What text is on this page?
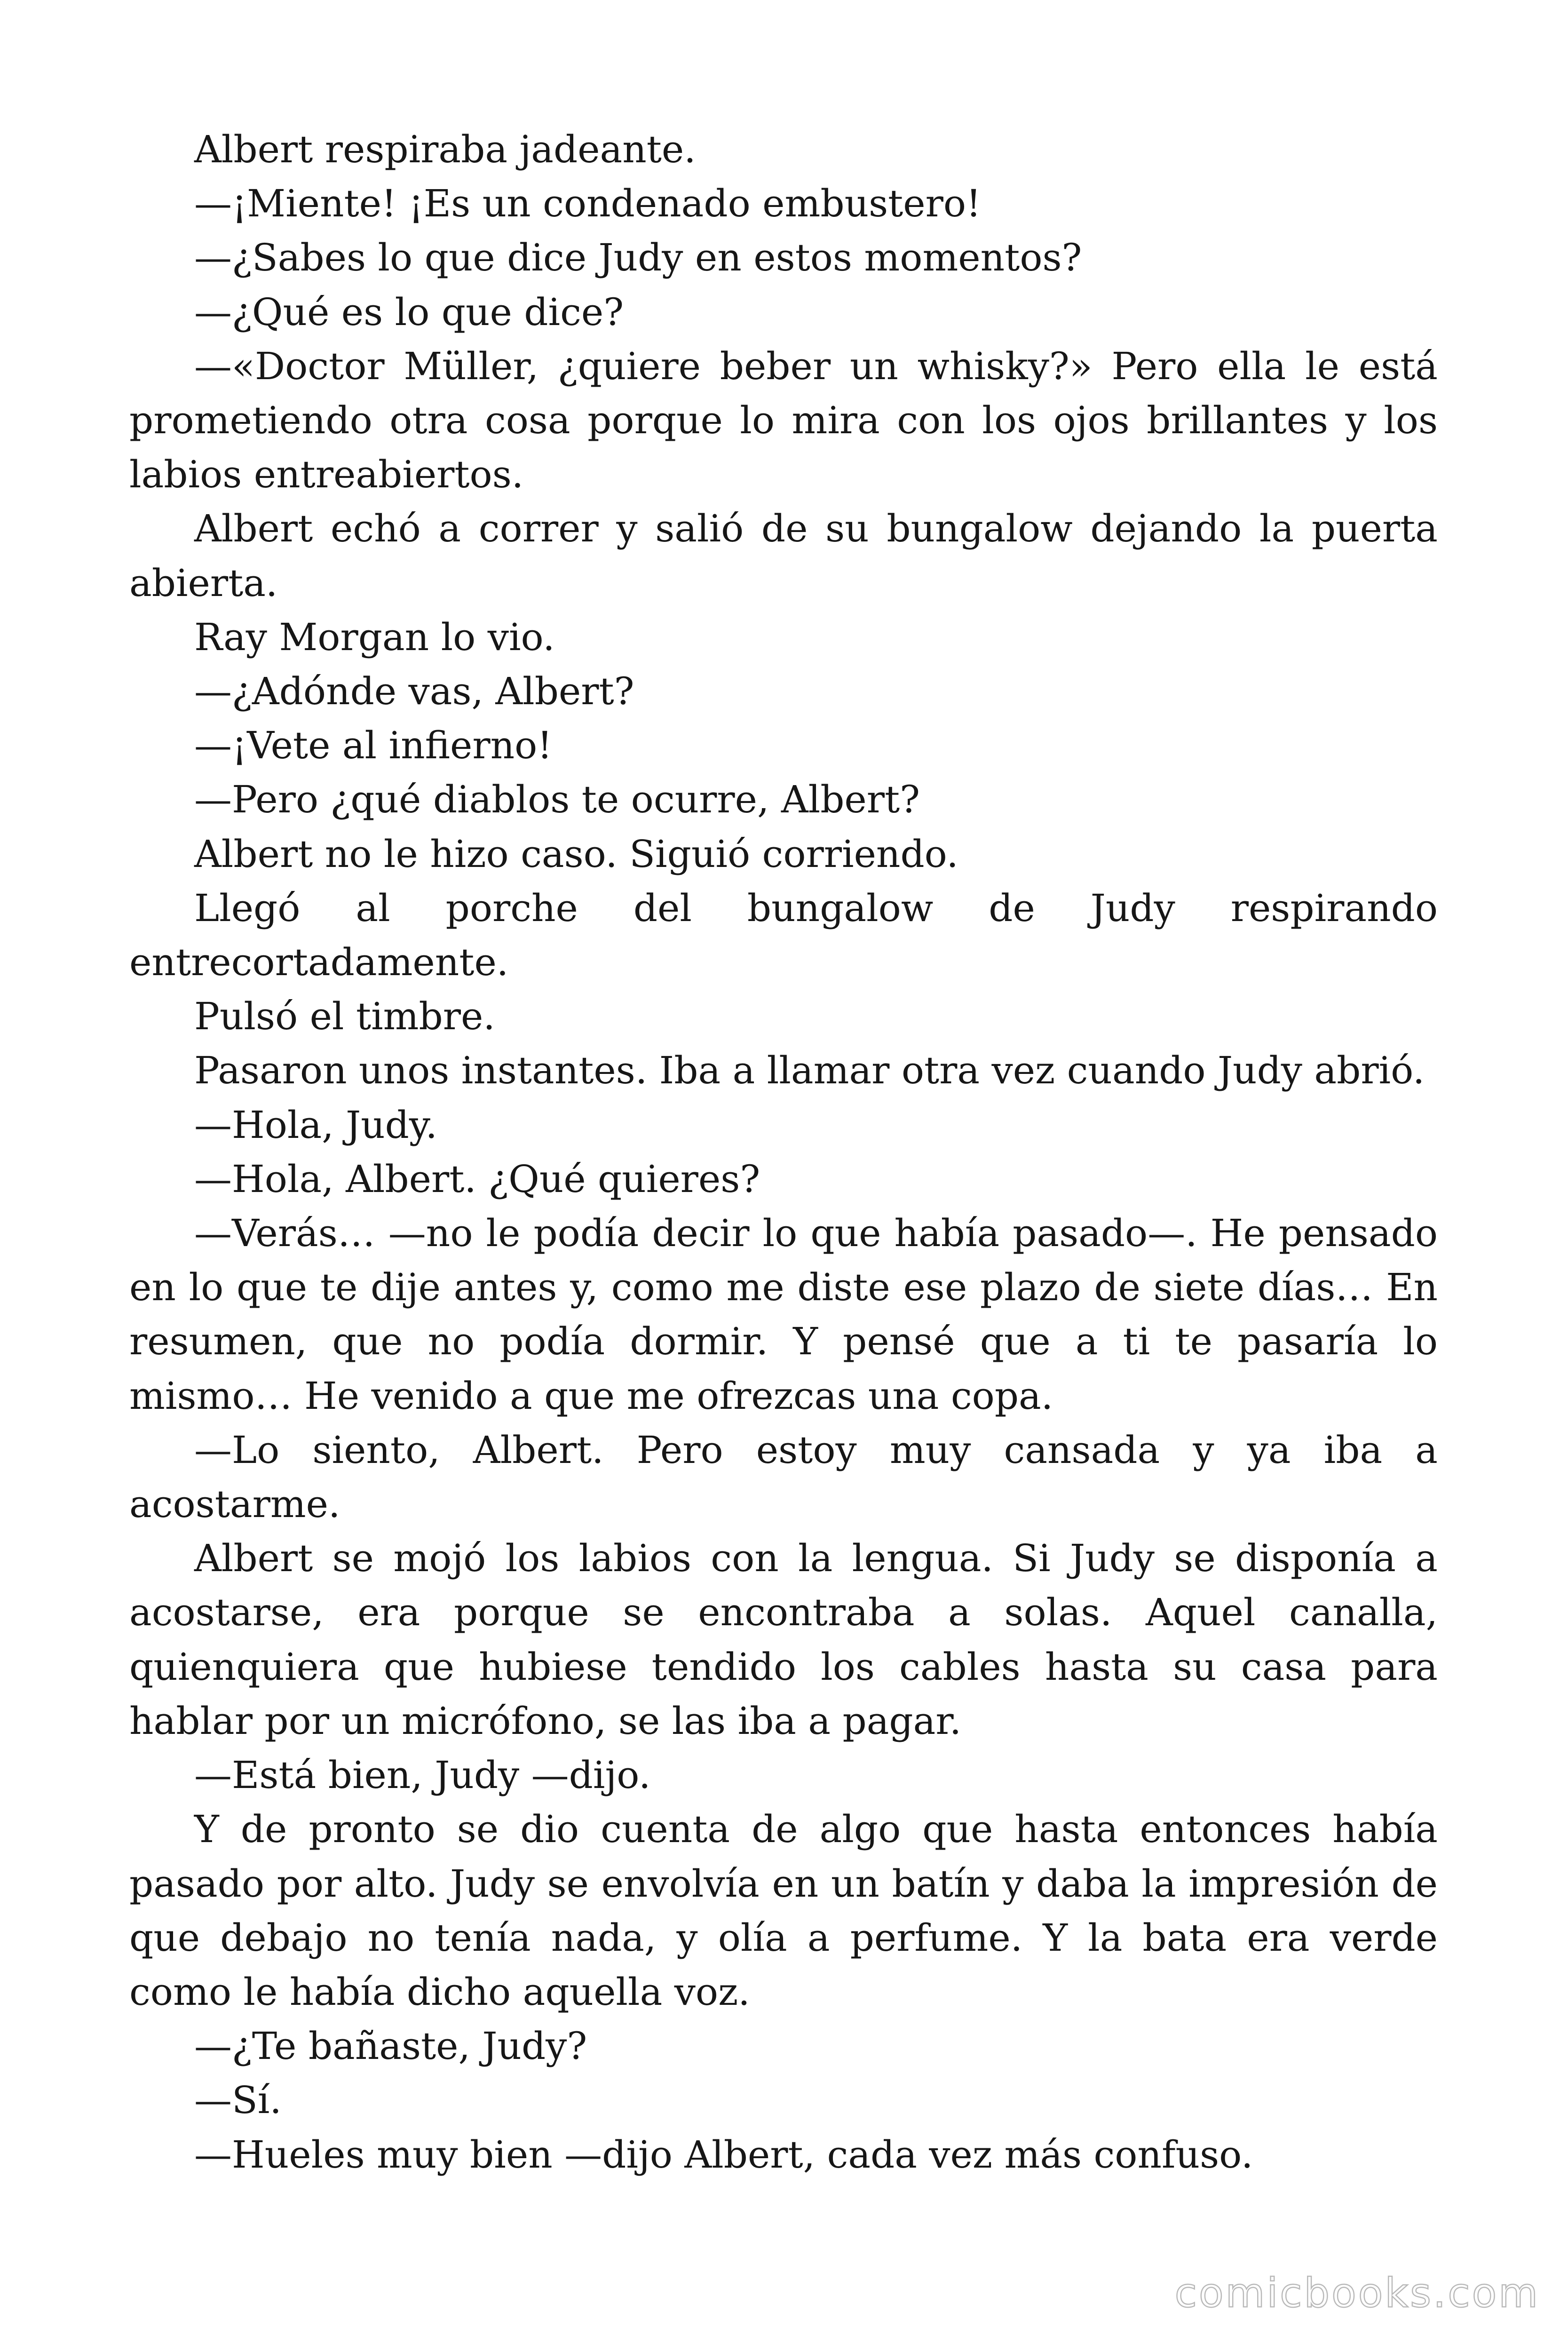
Albert respiraba jadeante.

—¡Miente! ¡Es un condenado embustero!

—¿Sabes lo que dice Judy en estos momentos?

—¿Qué es lo que dice?

—«Doctor Müller, ¿quiere beber un whisky?» Pero ella le está prometiendo otra cosa porque lo mira con los ojos brillantes y los labios entreabiertos.

Albert echó a correr y salió de su bungalow dejando la puerta abierta.

Ray Morgan lo vio.

—¿Adónde vas, Albert?

—¡Vete al infierno!

—Pero ¿qué diablos te ocurre, Albert?

Albert no le hizo caso. Siguió corriendo.

Llegó al porche del bungalow de Judy respirando entrecortadamente.

Pulsó el timbre.

Pasaron unos instantes. Iba a llamar otra vez cuando Judy abrió.

—Hola, Judy.

—Hola, Albert. ¿Qué quieres?

—Verás… —no le podía decir lo que había pasado—. He pensado en lo que te dije antes y, como me diste ese plazo de siete días… En resumen, que no podía dormir. Y pensé que a ti te pasaría lo mismo… He venido a que me ofrezcas una copa.

—Lo siento, Albert. Pero estoy muy cansada y ya iba a acostarme.

Albert se mojó los labios con la lengua. Si Judy se disponía a acostarse, era porque se encontraba a solas. Aquel canalla, quienquiera que hubiese tendido los cables hasta su casa para hablar por un micrófono, se las iba a pagar.

—Está bien, Judy —dijo.

Y de pronto se dio cuenta de algo que hasta entonces había pasado por alto. Judy se envolvía en un batín y daba la impresión de que debajo no tenía nada, y olía a perfume. Y la bata era verde como le había dicho aquella voz.

—¿Te bañaste, Judy?

—Sí.

—Hueles muy bien —dijo Albert, cada vez más confuso.

comicbooks.com
